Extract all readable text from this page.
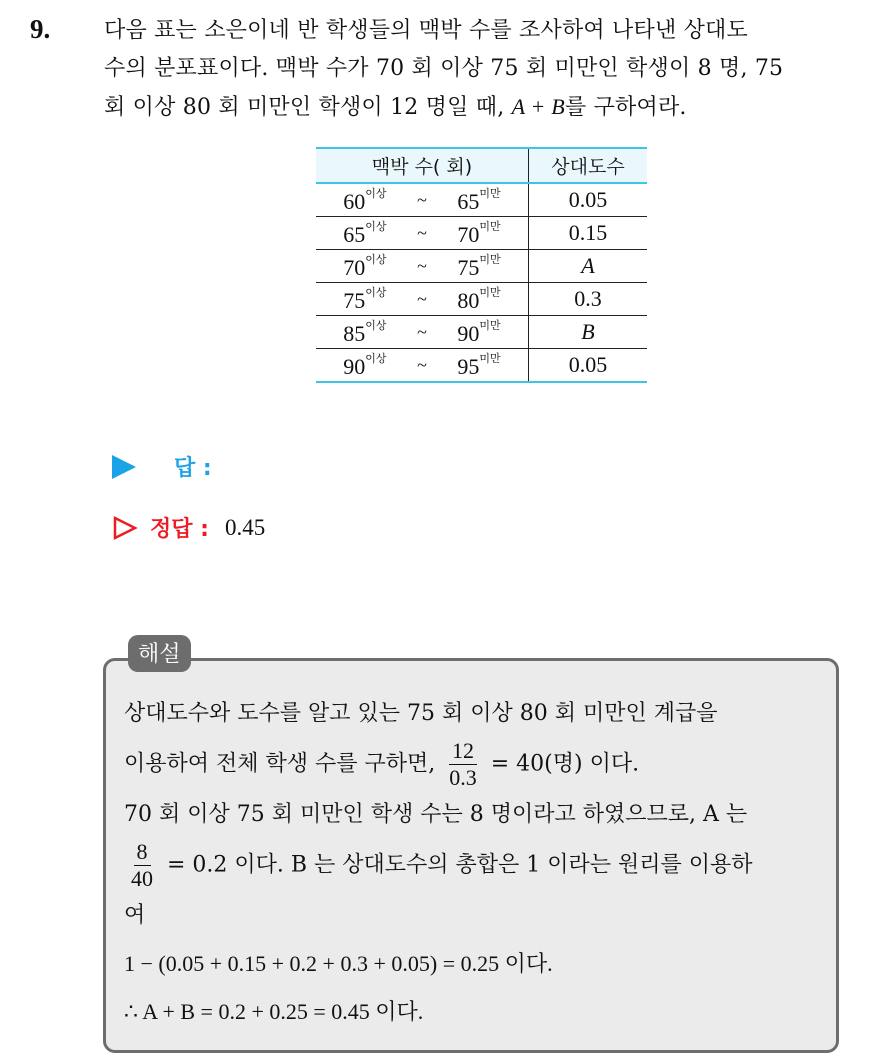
9. 다음 표는 소은이네 반 학생들의 맥박 수를 조사하여 나타낸 상대도
수의 분포표이다. 맥박 수가 70 회 이상 75 회 미만인 학생이 8 명, 75
회 이상 80 회 미만인 학생이 12 명일 때, A + B를 구하여라.
맥박 수( 회)	상대도수

$60^{이상}$ ~ $65^{미만}$	0.05

$65^{이상}$ ~ $70^{미만}$	0.15

$70^{이상}$ ~ $75^{미만}$	A

$75^{이상}$ ~ $80^{미만}$	0.3

$85^{이상}$ ~ $90^{미만}$	B

$90^{이상}$ ~ $95^{미만}$	0.05
답 :
정답 : 0.45
해설
상대도수와 도수를 알고 있는 75 회 이상 80 회 미만인 계급을
이용하여 전체 학생 수를 구하면, $\frac{12}{0.3} = 40$(명) 이다.
70 회 이상 75 회 미만인 학생 수는 8 명이라고 하였으므로, A 는
$\frac{8}{40} = 0.2$ 이다. B 는 상대도수의 총합은 1 이라는 원리를 이용하
여
1 − (0.05 + 0.15 + 0.2 + 0.3 + 0.05) = 0.25 이다.
∴ A + B = 0.2 + 0.25 = 0.45 이다.
